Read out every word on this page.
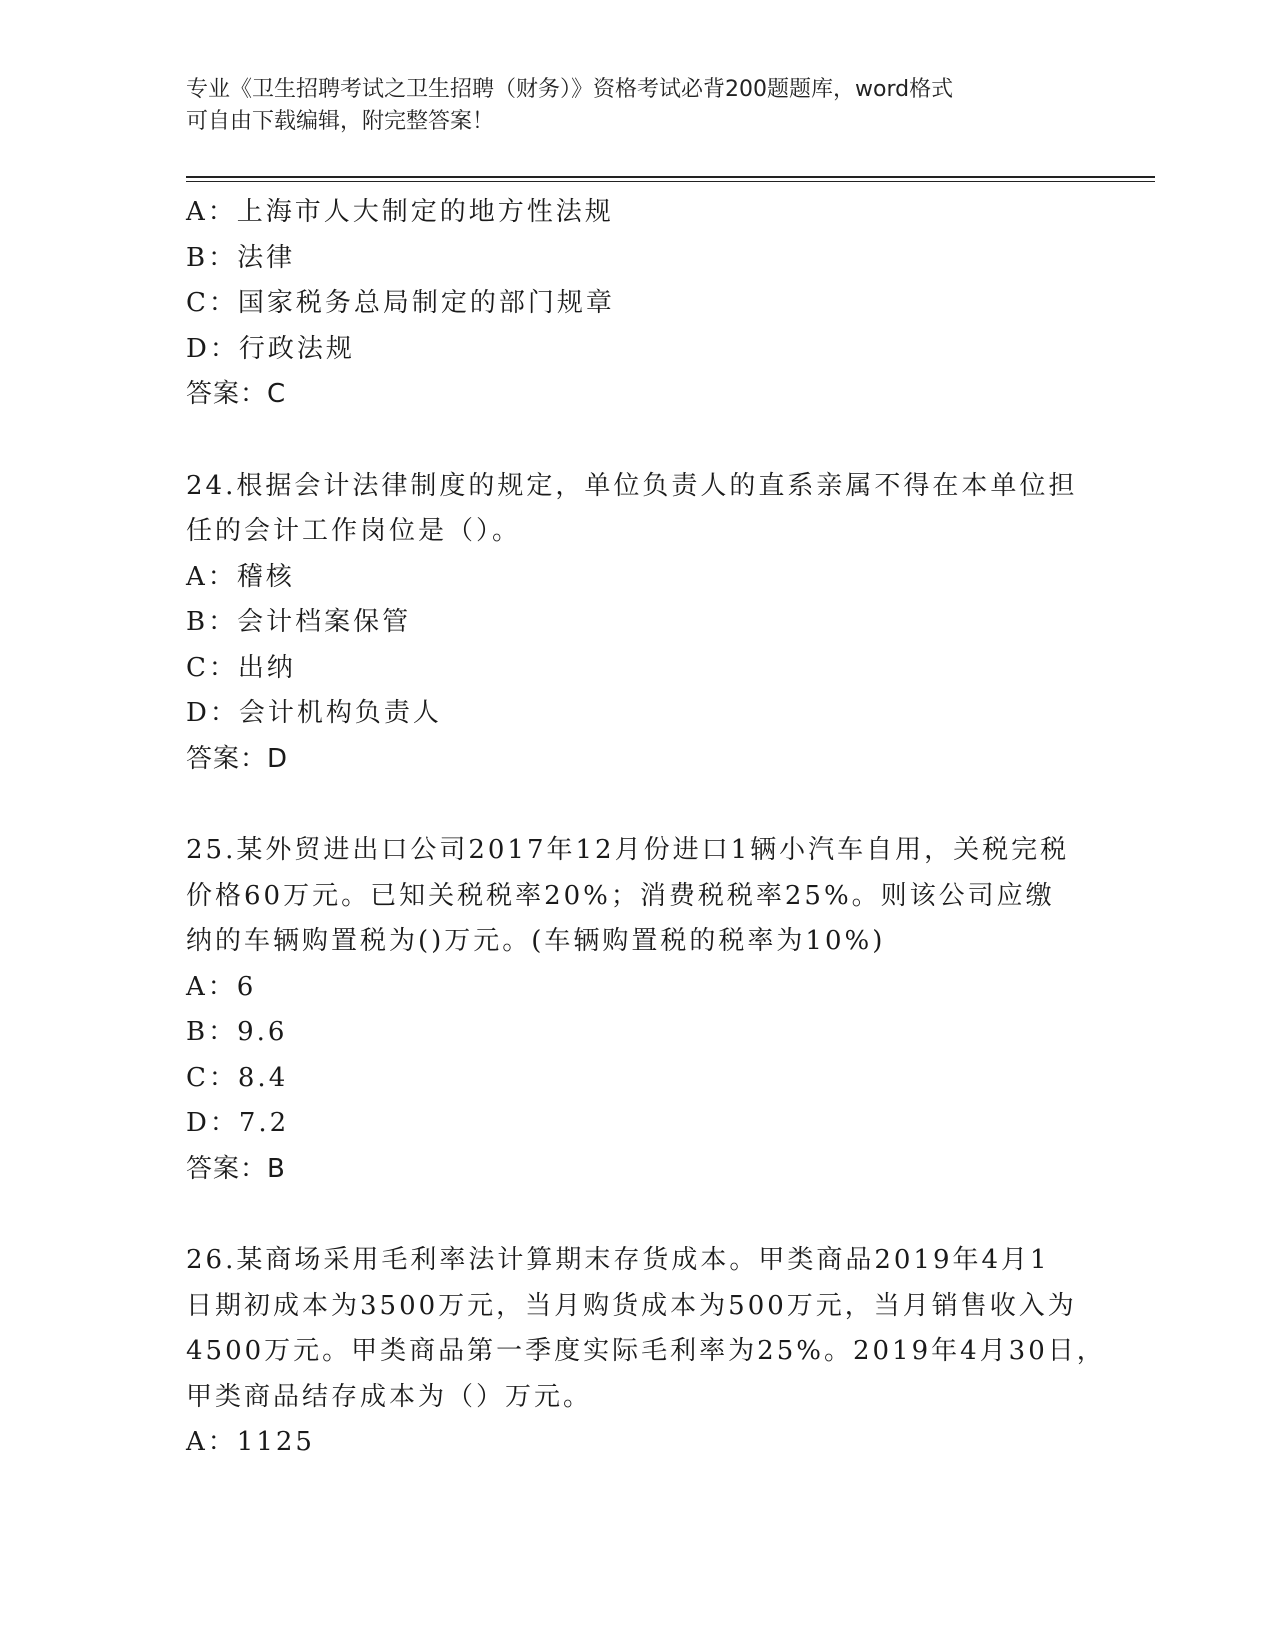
专业《卫生招聘考试之卫生招聘（财务）》资格考试必背200题题库，word格式
可自由下载编辑，附完整答案！
A：上海市人大制定的地方性法规
B：法律
C：国家税务总局制定的部门规章
D：行政法规
答案：C
24.根据会计法律制度的规定，单位负责人的直系亲属不得在本单位担
任的会计工作岗位是（）。
A：稽核
B：会计档案保管
C：出纳
D：会计机构负责人
答案：D
25.某外贸进出口公司2017年12月份进口1辆小汽车自用，关税完税
价格60万元。已知关税税率20%；消费税税率25%。则该公司应缴
纳的车辆购置税为()万元。(车辆购置税的税率为10%)
A：6
B：9.6
C：8.4
D：7.2
答案：B
26.某商场采用毛利率法计算期末存货成本。甲类商品2019年4月1
日期初成本为3500万元，当月购货成本为500万元，当月销售收入为
4500万元。甲类商品第一季度实际毛利率为25%。2019年4月30日，
甲类商品结存成本为（）万元。
A：1125
